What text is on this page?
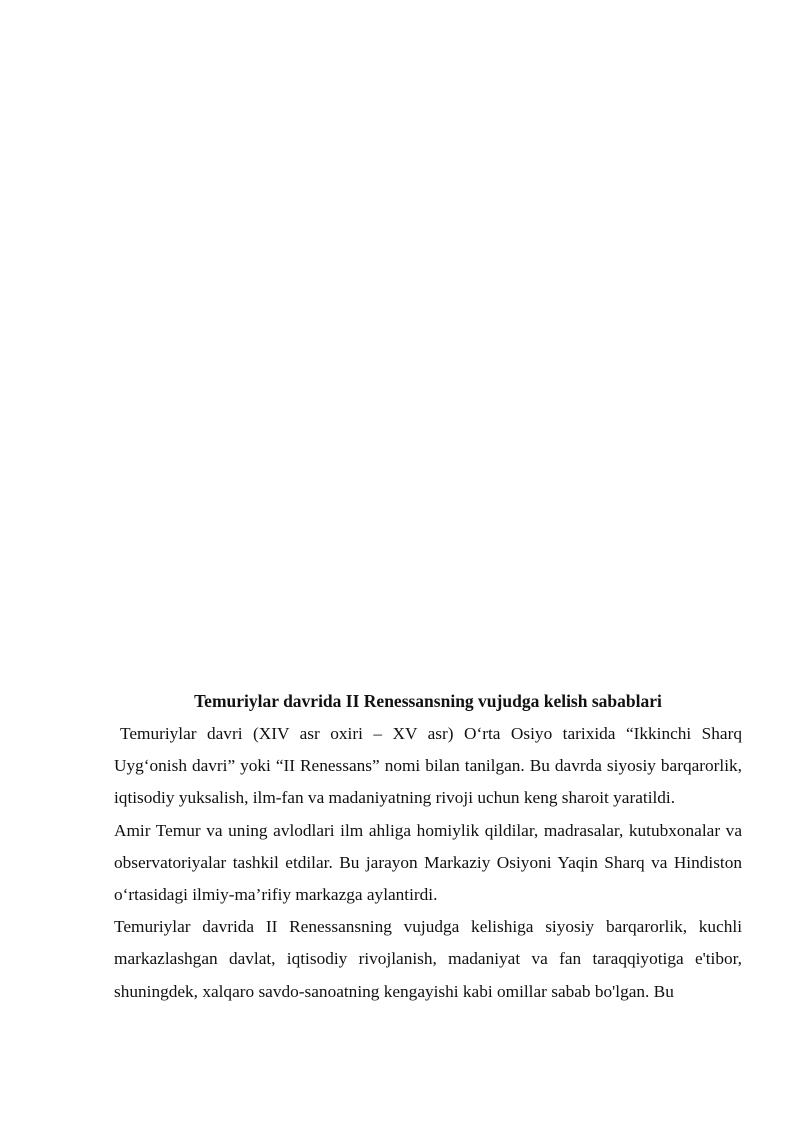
Temuriylar davrida II Renessansning vujudga kelish sabablari

Temuriylar davri (XIV asr oxiri – XV asr) O‘rta Osiyo tarixida “Ikkinchi Sharq Uyg‘onish davri” yoki “II Renessans” nomi bilan tanilgan. Bu davrda siyosiy barqarorlik, iqtisodiy yuksalish, ilm-fan va madaniyatning rivoji uchun keng sharoit yaratildi.

Amir Temur va uning avlodlari ilm ahliga homiylik qildilar, madrasalar, kutubxonalar va observatoriyalar tashkil etdilar. Bu jarayon Markaziy Osiyoni Yaqin Sharq va Hindiston o‘rtasidagi ilmiy-ma’rifiy markazga aylantirdi.

Temuriylar davrida II Renessansning vujudga kelishiga siyosiy barqarorlik, kuchli markazlashgan davlat, iqtisodiy rivojlanish, madaniyat va fan taraqqiyotiga e'tibor, shuningdek, xalqaro savdo-sanoatning kengayishi kabi omillar sabab bo'lgan. Bu
